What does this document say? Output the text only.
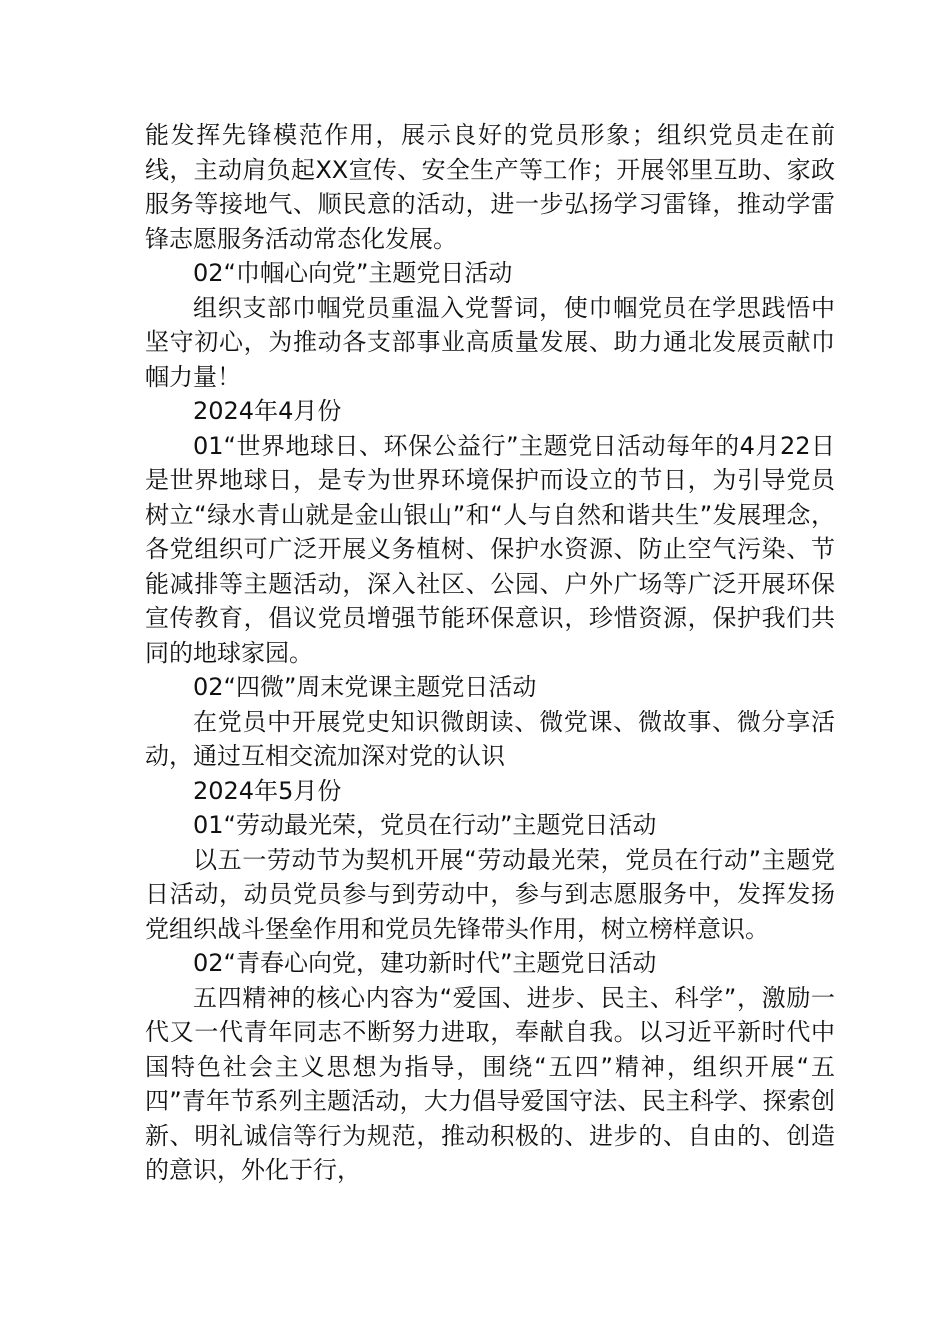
能发挥先锋模范作用，展示良好的党员形象；组织党员走在前线，主动肩负起XX宣传、安全生产等工作；开展邻里互助、家政服务等接地气、顺民意的活动，进一步弘扬学习雷锋，推动学雷锋志愿服务活动常态化发展。

02“巾帼心向党”主题党日活动

组织支部巾帼党员重温入党誓词，使巾帼党员在学思践悟中坚守初心，为推动各支部事业高质量发展、助力通北发展贡献巾帼力量！

2024年4月份

01“世界地球日、环保公益行”主题党日活动每年的4月22日是世界地球日，是专为世界环境保护而设立的节日，为引导党员树立“绿水青山就是金山银山”和“人与自然和谐共生”发展理念，各党组织可广泛开展义务植树、保护水资源、防止空气污染、节能减排等主题活动，深入社区、公园、户外广场等广泛开展环保宣传教育，倡议党员增强节能环保意识，珍惜资源，保护我们共同的地球家园。

02“四微”周末党课主题党日活动

在党员中开展党史知识微朗读、微党课、微故事、微分享活动，通过互相交流加深对党的认识

2024年5月份

01“劳动最光荣，党员在行动”主题党日活动

以五一劳动节为契机开展“劳动最光荣，党员在行动”主题党日活动，动员党员参与到劳动中，参与到志愿服务中，发挥发扬党组织战斗堡垒作用和党员先锋带头作用，树立榜样意识。

02“青春心向党，建功新时代”主题党日活动

五四精神的核心内容为“爱国、进步、民主、科学”，激励一代又一代青年同志不断努力进取，奉献自我。以习近平新时代中国特色社会主义思想为指导，围绕“五四”精神，组织开展“五四”青年节系列主题活动，大力倡导爱国守法、民主科学、探索创新、明礼诚信等行为规范，推动积极的、进步的、自由的、创造的意识，外化于行，
